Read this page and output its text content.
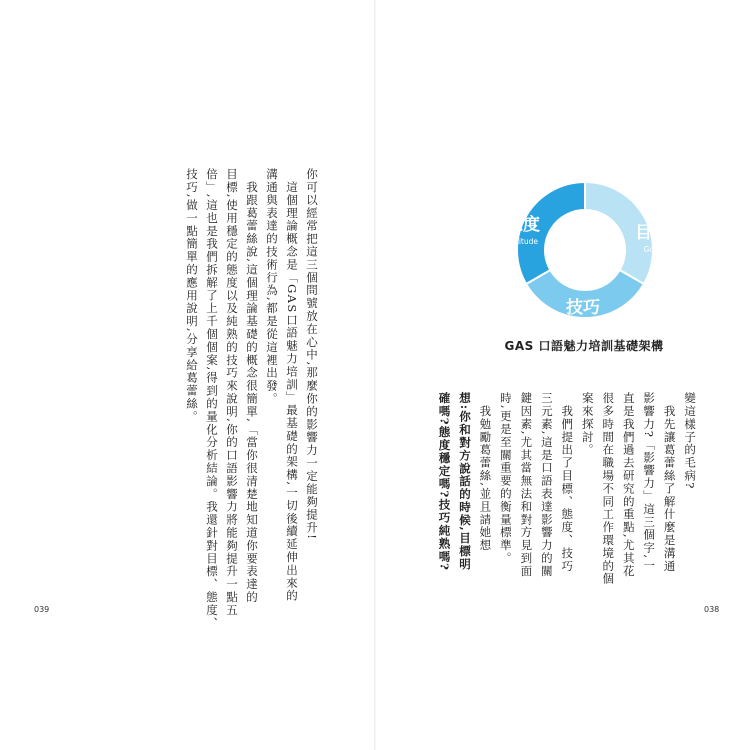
你可以經常把這三個問號放在心中,那麼你的影響力一定能夠提升!
　這個理論概念是「GAS口語魅力培訓」最基礎的架構,一切後續延伸出來的
溝通與表達的技術行為,都是從這裡出發。
　我跟葛蕾絲說,這個理論基礎的概念很簡單,「當你很清楚地知道你要表達的
目標,使用穩定的態度以及純熟的技巧來說明,你的口語影響力將能夠提升一點五
倍」,這也是我們拆解了上千個個案,得到的量化分析結論。我還針對目標、態度、
技巧,做一點簡單的應用說明,分享給葛蕾絲。
039
態度
Attitude	目標
Goal
技巧
Skill
GAS 口語魅力培訓基礎架構
變這樣子的毛病?
　我先讓葛蕾絲了解什麼是溝通
影響力?「影響力」這三個字,一
直是我們過去研究的重點,尤其花
很多時間在職場不同工作環境的個
案來探討。
　我們提出了目標、態度、技巧
三元素,這是口語表達影響力的關
鍵因素,尤其當無法和對方見到面
時,更是至關重要的衡量標準。
　我勉勵葛蕾絲,並且請她想
想:你和對方說話的時候,目標明
確嗎?態度穩定嗎?技巧純熟嗎?
038
